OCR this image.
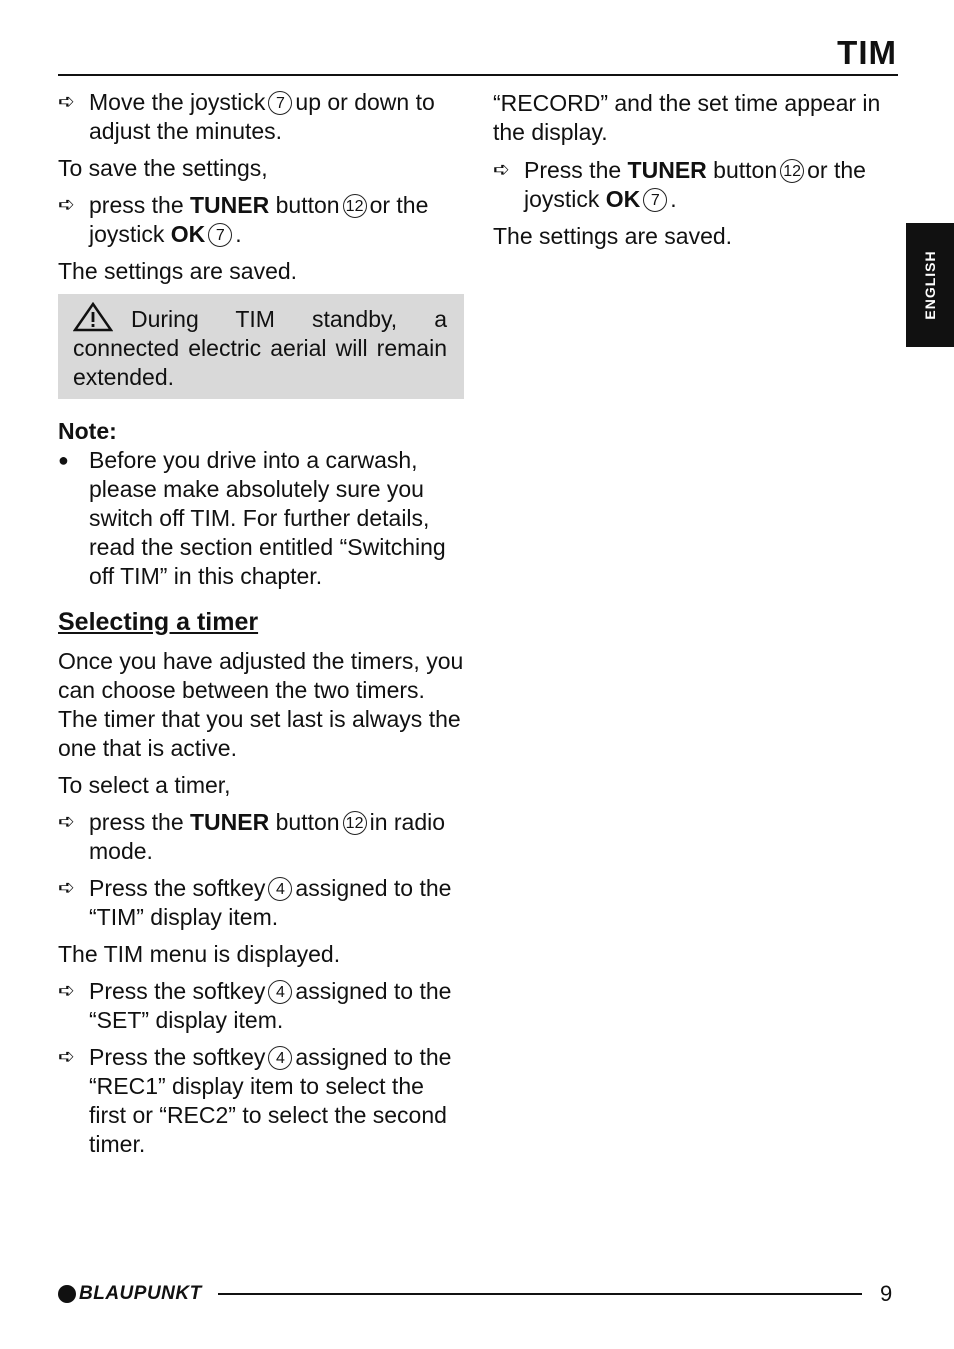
TIM
ENGLISH
➪ Move the joystick 7 up or down to adjust the minutes.

To save the settings,

➪ press the TUNER button 12 or the joystick OK 7 .

The settings are saved.

During TIM standby, a connected electric aerial will remain extended.

Note:

● Before you drive into a carwash, please make absolutely sure you switch off TIM. For further details, read the section entitled “Switching off TIM” in this chapter.
Selecting a timer

Once you have adjusted the timers, you can choose between the two timers. The timer that you set last is always the one that is active.

To select a timer,

➪ press the TUNER button 12 in radio mode.
➪ Press the softkey 4 assigned to the “TIM” display item.

The TIM menu is displayed.

➪ Press the softkey 4 assigned to the “SET” display item.
➪ Press the softkey 4 assigned to the “REC1” display item to select the first or “REC2” to select the second timer.

“RECORD” and the set time appear in the display.

➪ Press the TUNER button 12 or the joystick OK 7 .

The settings are saved.

BLAUPUNKT	9
